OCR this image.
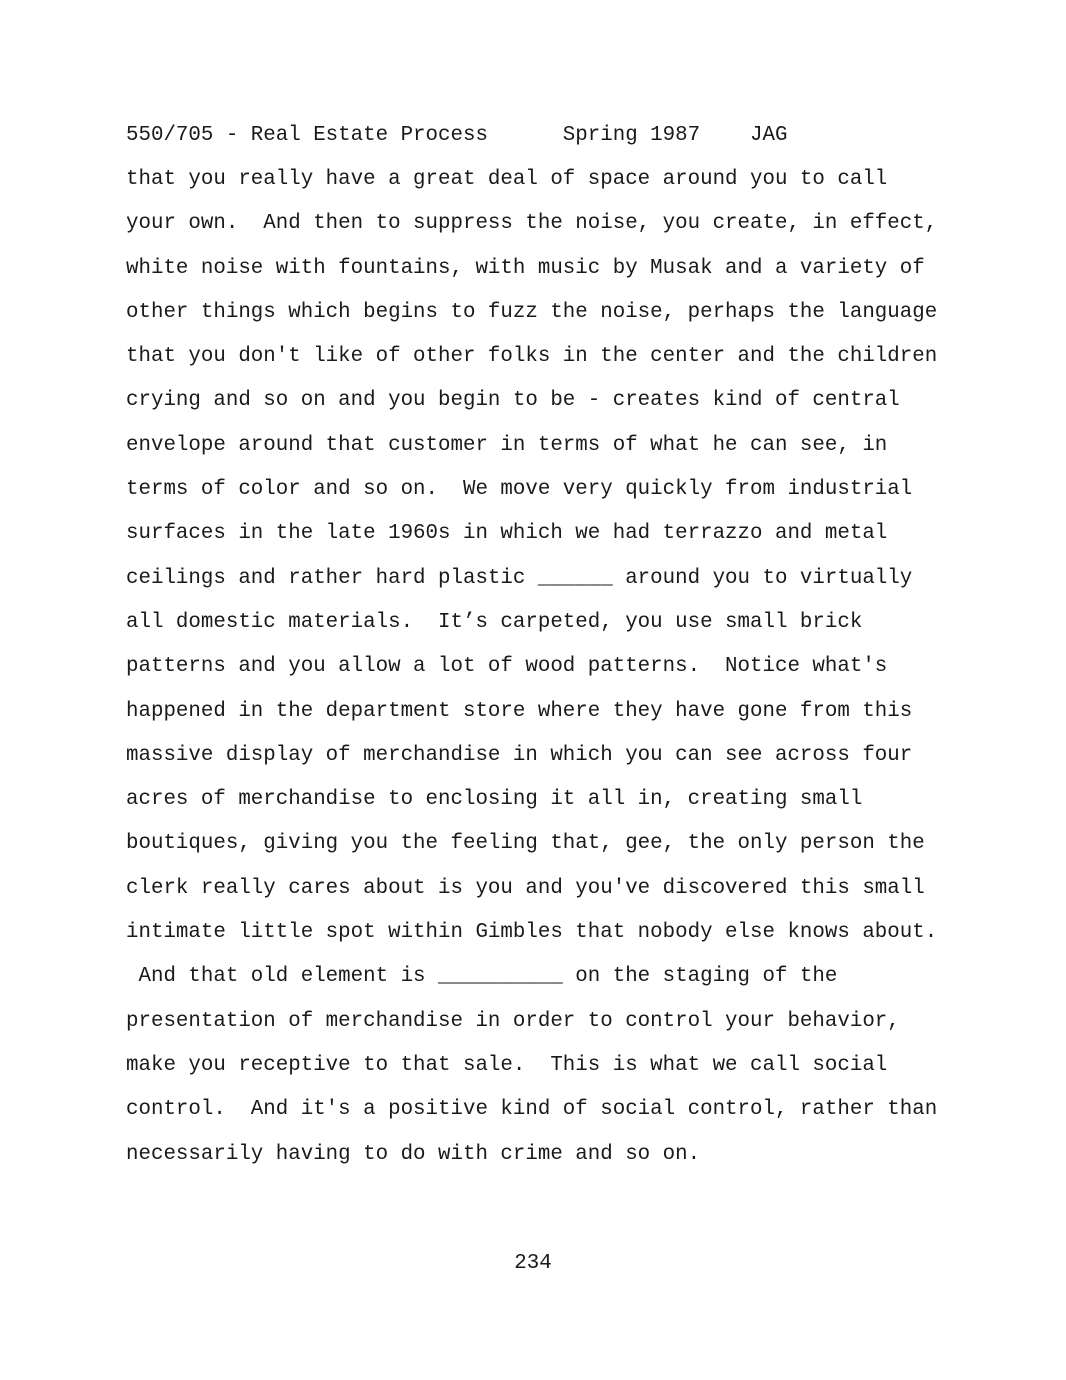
550/705 - Real Estate Process      Spring 1987    JAG
that you really have a great deal of space around you to call
your own.  And then to suppress the noise, you create, in effect,
white noise with fountains, with music by Musak and a variety of
other things which begins to fuzz the noise, perhaps the language
that you don't like of other folks in the center and the children
crying and so on and you begin to be - creates kind of central
envelope around that customer in terms of what he can see, in
terms of color and so on.  We move very quickly from industrial
surfaces in the late 1960s in which we had terrazzo and metal
ceilings and rather hard plastic ______ around you to virtually
all domestic materials.  It’s carpeted, you use small brick
patterns and you allow a lot of wood patterns.  Notice what's
happened in the department store where they have gone from this
massive display of merchandise in which you can see across four
acres of merchandise to enclosing it all in, creating small
boutiques, giving you the feeling that, gee, the only person the
clerk really cares about is you and you've discovered this small
intimate little spot within Gimbles that nobody else knows about.
And that old element is __________ on the staging of the
presentation of merchandise in order to control your behavior,
make you receptive to that sale.  This is what we call social
control.  And it's a positive kind of social control, rather than
necessarily having to do with crime and so on.
234
